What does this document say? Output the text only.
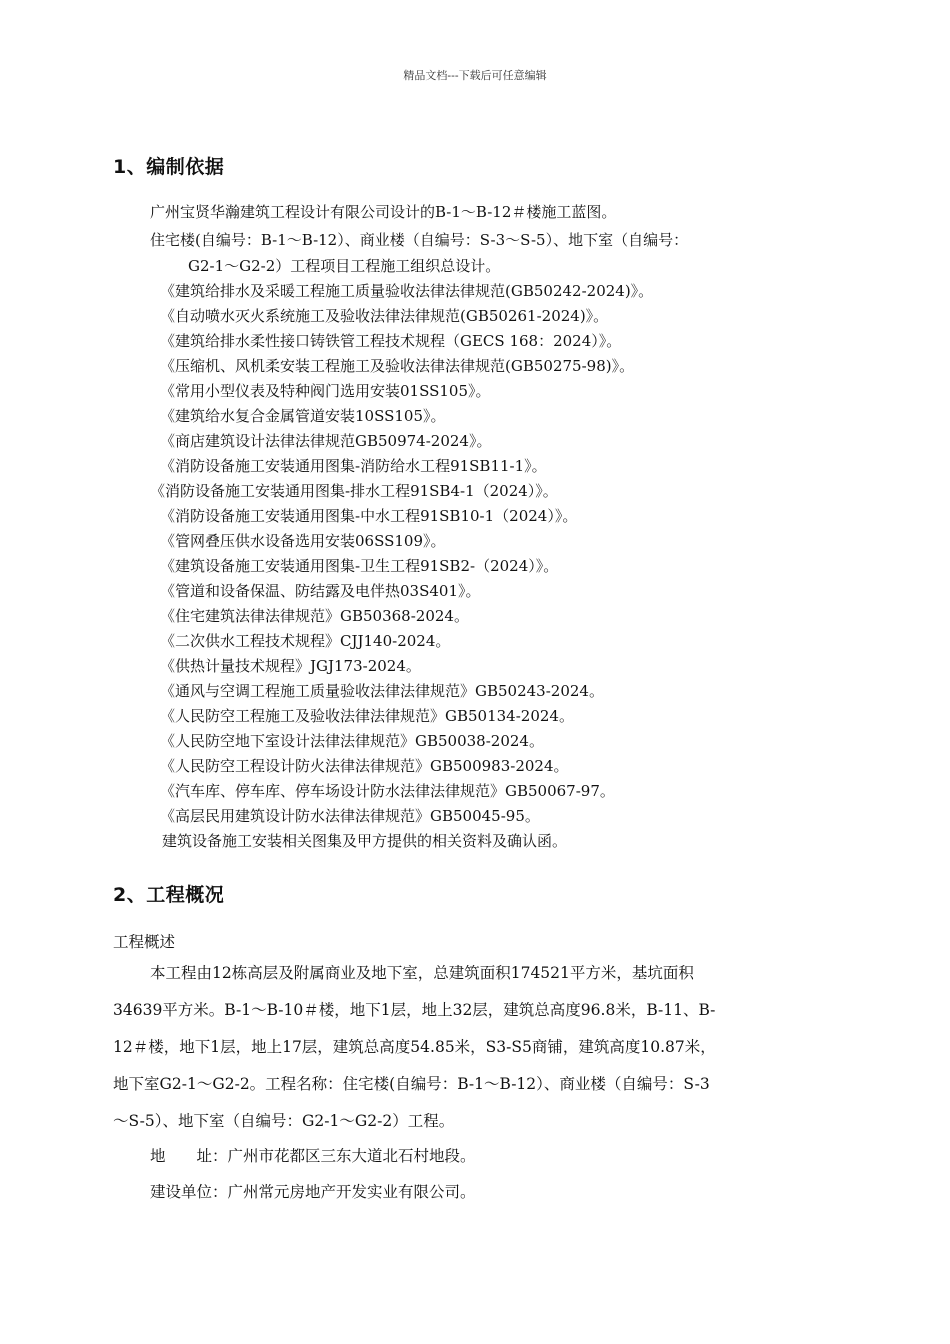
精品文档---下载后可任意编辑
1、编制依据
广州宝贤华瀚建筑工程设计有限公司设计的B-1～B-12＃楼施工蓝图。
住宅楼(自编号：B-1～B-12）、商业楼（自编号：S-3～S-5）、地下室（自编号：
G2-1～G2-2）工程项目工程施工组织总设计。
《建筑给排水及采暖工程施工质量验收法律法律规范(GB50242-2024)》。
《自动喷水灭火系统施工及验收法律法律规范(GB50261-2024)》。
《建筑给排水柔性接口铸铁管工程技术规程（GECS 168：2024）》。
《压缩机、风机柔安装工程施工及验收法律法律规范(GB50275-98)》。
《常用小型仪表及特种阀门选用安装01SS105》。
《建筑给水复合金属管道安装10SS105》。
《商店建筑设计法律法律规范GB50974-2024》。
《消防设备施工安装通用图集-消防给水工程91SB11-1》。
《消防设备施工安装通用图集-排水工程91SB4-1（2024）》。
《消防设备施工安装通用图集-中水工程91SB10-1（2024）》。
《管网叠压供水设备选用安装06SS109》。
《建筑设备施工安装通用图集-卫生工程91SB2-（2024）》。
《管道和设备保温、防结露及电伴热03S401》。
《住宅建筑法律法律规范》GB50368-2024。
《二次供水工程技术规程》CJJ140-2024。
《供热计量技术规程》JGJ173-2024。
《通风与空调工程施工质量验收法律法律规范》GB50243-2024。
《人民防空工程施工及验收法律法律规范》GB50134-2024。
《人民防空地下室设计法律法律规范》GB50038-2024。
《人民防空工程设计防火法律法律规范》GB500983-2024。
《汽车库、停车库、停车场设计防水法律法律规范》GB50067-97。
《高层民用建筑设计防水法律法律规范》GB50045-95。
建筑设备施工安装相关图集及甲方提供的相关资料及确认函。
2、工程概况
工程概述
本工程由12栋高层及附属商业及地下室，总建筑面积174521平方米，基坑面积
34639平方米。B-1～B-10＃楼，地下1层，地上32层，建筑总高度96.8米，B-11、B-
12＃楼，地下1层，地上17层，建筑总高度54.85米，S3-S5商铺，建筑高度10.87米，
地下室G2-1～G2-2。工程名称：住宅楼(自编号：B-1～B-12）、商业楼（自编号：S-3
～S-5）、地下室（自编号：G2-1～G2-2）工程。
地　　址：广州市花都区三东大道北石村地段。
建设单位：广州常元房地产开发实业有限公司。
